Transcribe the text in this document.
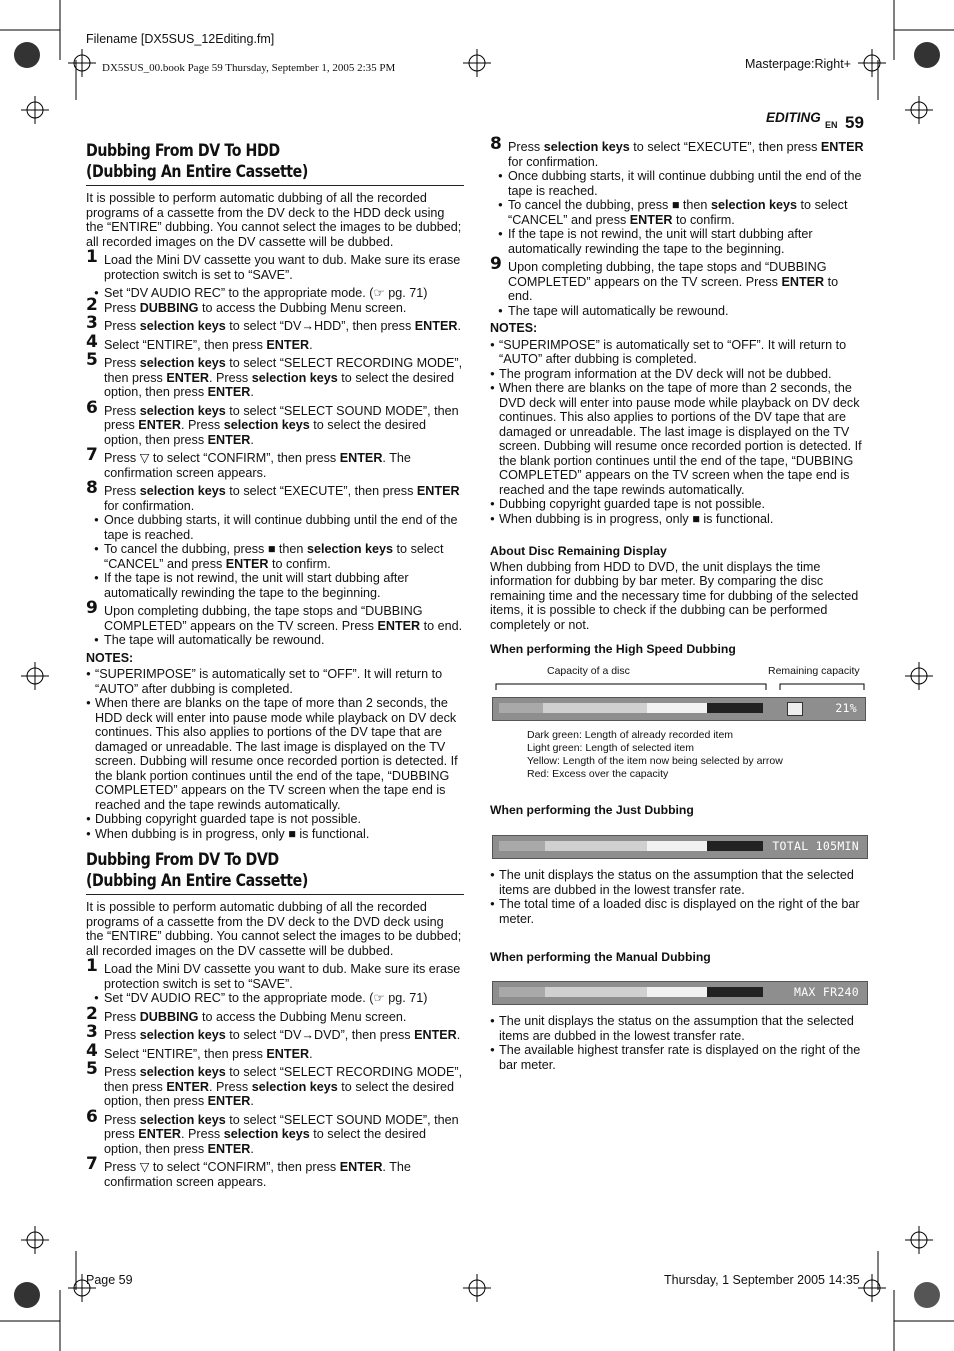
Filename [DX5SUS_12Editing.fm]
DX5SUS_00.book Page 59 Thursday, September 1, 2005 2:35 PM	Masterpage:Right+
EDITING EN 59
Dubbing From DV To HDD
(Dubbing An Entire Cassette)

It is possible to perform automatic dubbing of all the recorded programs of a cassette from the DV deck to the HDD deck using the “ENTIRE” dubbing. You cannot select the images to be dubbed; all recorded images on the DV cassette will be dubbed.

1 Load the Mini DV cassette you want to dub. Make sure its erase protection switch is set to “SAVE”.
● Set “DV AUDIO REC” to the appropriate mode. (☞ pg. 71)
2 Press DUBBING to access the Dubbing Menu screen.
3 Press selection keys to select “DV→HDD”, then press ENTER.
4 Select “ENTIRE”, then press ENTER.
5 Press selection keys to select “SELECT RECORDING MODE”, then press ENTER. Press selection keys to select the desired option, then press ENTER.
6 Press selection keys to select “SELECT SOUND MODE”, then press ENTER. Press selection keys to select the desired option, then press ENTER.
7 Press ▽ to select “CONFIRM”, then press ENTER. The confirmation screen appears.
8 Press selection keys to select “EXECUTE”, then press ENTER for confirmation.
● Once dubbing starts, it will continue dubbing until the end of the tape is reached.
● To cancel the dubbing, press ■ then selection keys to select “CANCEL” and press ENTER to confirm.
● If the tape is not rewind, the unit will start dubbing after automatically rewinding the tape to the beginning.
9 Upon completing dubbing, the tape stops and “DUBBING COMPLETED” appears on the TV screen. Press ENTER to end.
● The tape will automatically be rewound.
NOTES:
● “SUPERIMPOSE” is automatically set to “OFF”. It will return to “AUTO” after dubbing is completed.
● When there are blanks on the tape of more than 2 seconds, the HDD deck will enter into pause mode while playback on DV deck continues. This also applies to portions of the DV tape that are damaged or unreadable. The last image is displayed on the TV screen. Dubbing will resume once recorded portion is detected. If the blank portion continues until the end of the tape, “DUBBING COMPLETED” appears on the TV screen when the tape end is reached and the tape rewinds automatically.
● Dubbing copyright guarded tape is not possible.
● When dubbing is in progress, only ■ is functional.
Dubbing From DV To DVD
(Dubbing An Entire Cassette)

It is possible to perform automatic dubbing of all the recorded programs of a cassette from the DV deck to the DVD deck using the “ENTIRE” dubbing. You cannot select the images to be dubbed; all recorded images on the DV cassette will be dubbed.

1 Load the Mini DV cassette you want to dub. Make sure its erase protection switch is set to “SAVE”.
● Set “DV AUDIO REC” to the appropriate mode. (☞ pg. 71)
2 Press DUBBING to access the Dubbing Menu screen.
3 Press selection keys to select “DV→DVD”, then press ENTER.
4 Select “ENTIRE”, then press ENTER.
5 Press selection keys to select “SELECT RECORDING MODE”, then press ENTER. Press selection keys to select the desired option, then press ENTER.
6 Press selection keys to select “SELECT SOUND MODE”, then press ENTER. Press selection keys to select the desired option, then press ENTER.
7 Press ▽ to select “CONFIRM”, then press ENTER. The confirmation screen appears.
8 Press selection keys to select “EXECUTE”, then press ENTER for confirmation.
● Once dubbing starts, it will continue dubbing until the end of the tape is reached.
● To cancel the dubbing, press ■ then selection keys to select “CANCEL” and press ENTER to confirm.
● If the tape is not rewind, the unit will start dubbing after automatically rewinding the tape to the beginning.
9 Upon completing dubbing, the tape stops and “DUBBING COMPLETED” appears on the TV screen. Press ENTER to end.
● The tape will automatically be rewound.
NOTES:
● “SUPERIMPOSE” is automatically set to “OFF”. It will return to “AUTO” after dubbing is completed.
● The program information at the DV deck will not be dubbed.
● When there are blanks on the tape of more than 2 seconds, the DVD deck will enter into pause mode while playback on DV deck continues. This also applies to portions of the DV tape that are damaged or unreadable. The last image is displayed on the TV screen. Dubbing will resume once recorded portion is detected. If the blank portion continues until the end of the tape, “DUBBING COMPLETED” appears on the TV screen when the tape end is reached and the tape rewinds automatically.
● Dubbing copyright guarded tape is not possible.
● When dubbing is in progress, only ■ is functional.
About Disc Remaining Display

When dubbing from HDD to DVD, the unit displays the time information for dubbing by bar meter. By comparing the disc remaining time and the necessary time for dubbing of the selected items, it is possible to check if the dubbing can be performed completely or not.

When performing the High Speed Dubbing
Capacity of a disc	Remaining capacity
21%
Dark green: Length of already recorded item
Light green: Length of selected item
Yellow: Length of the item now being selected by arrow
Red: Excess over the capacity
When performing the Just Dubbing
TOTAL 105MIN
● The unit displays the status on the assumption that the selected items are dubbed in the lowest transfer rate.
● The total time of a loaded disc is displayed on the right of the bar meter.
When performing the Manual Dubbing
MAX FR240
● The unit displays the status on the assumption that the selected items are dubbed in the lowest transfer rate.
● The available highest transfer rate is displayed on the right of the bar meter.
Page 59	Thursday, 1 September 2005 14:35
